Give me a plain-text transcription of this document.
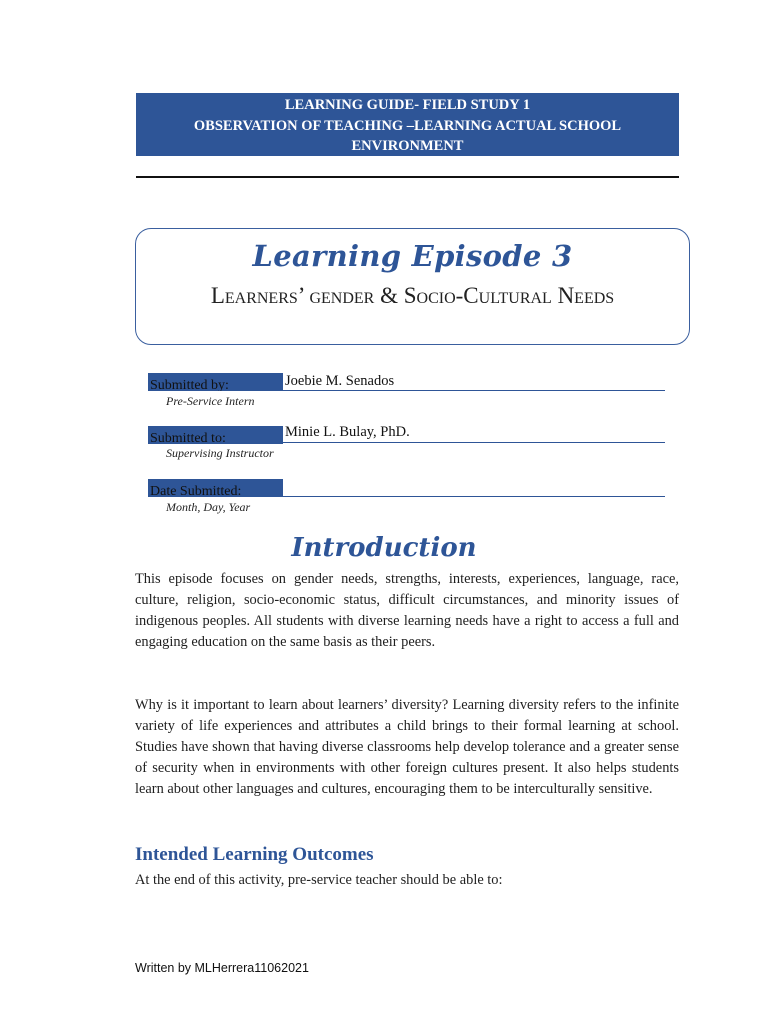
LEARNING GUIDE- FIELD STUDY 1
OBSERVATION OF TEACHING –LEARNING ACTUAL SCHOOL
ENVIRONMENT
Learning Episode 3
Learners’ gender & Socio-Cultural Needs
Submitted by:	Joebie M. Senados
Pre-Service Intern
Submitted to:	Minie L. Bulay, PhD.
Supervising Instructor
Date Submitted:
Month, Day, Year
Introduction

This episode focuses on gender needs, strengths, interests, experiences, language, race, culture, religion, socio-economic status, difficult circumstances, and minority issues of indigenous peoples. All students with diverse learning needs have a right to access a full and engaging education on the same basis as their peers.

Why is it important to learn about learners’ diversity? Learning diversity refers to the infinite variety of life experiences and attributes a child brings to their formal learning at school. Studies have shown that having diverse classrooms help develop tolerance and a greater sense of security when in environments with other foreign cultures present. It also helps students learn about other languages and cultures, encouraging them to be interculturally sensitive.

Intended Learning Outcomes

At the end of this activity, pre-service teacher should be able to:

Written by MLHerrera11062021
